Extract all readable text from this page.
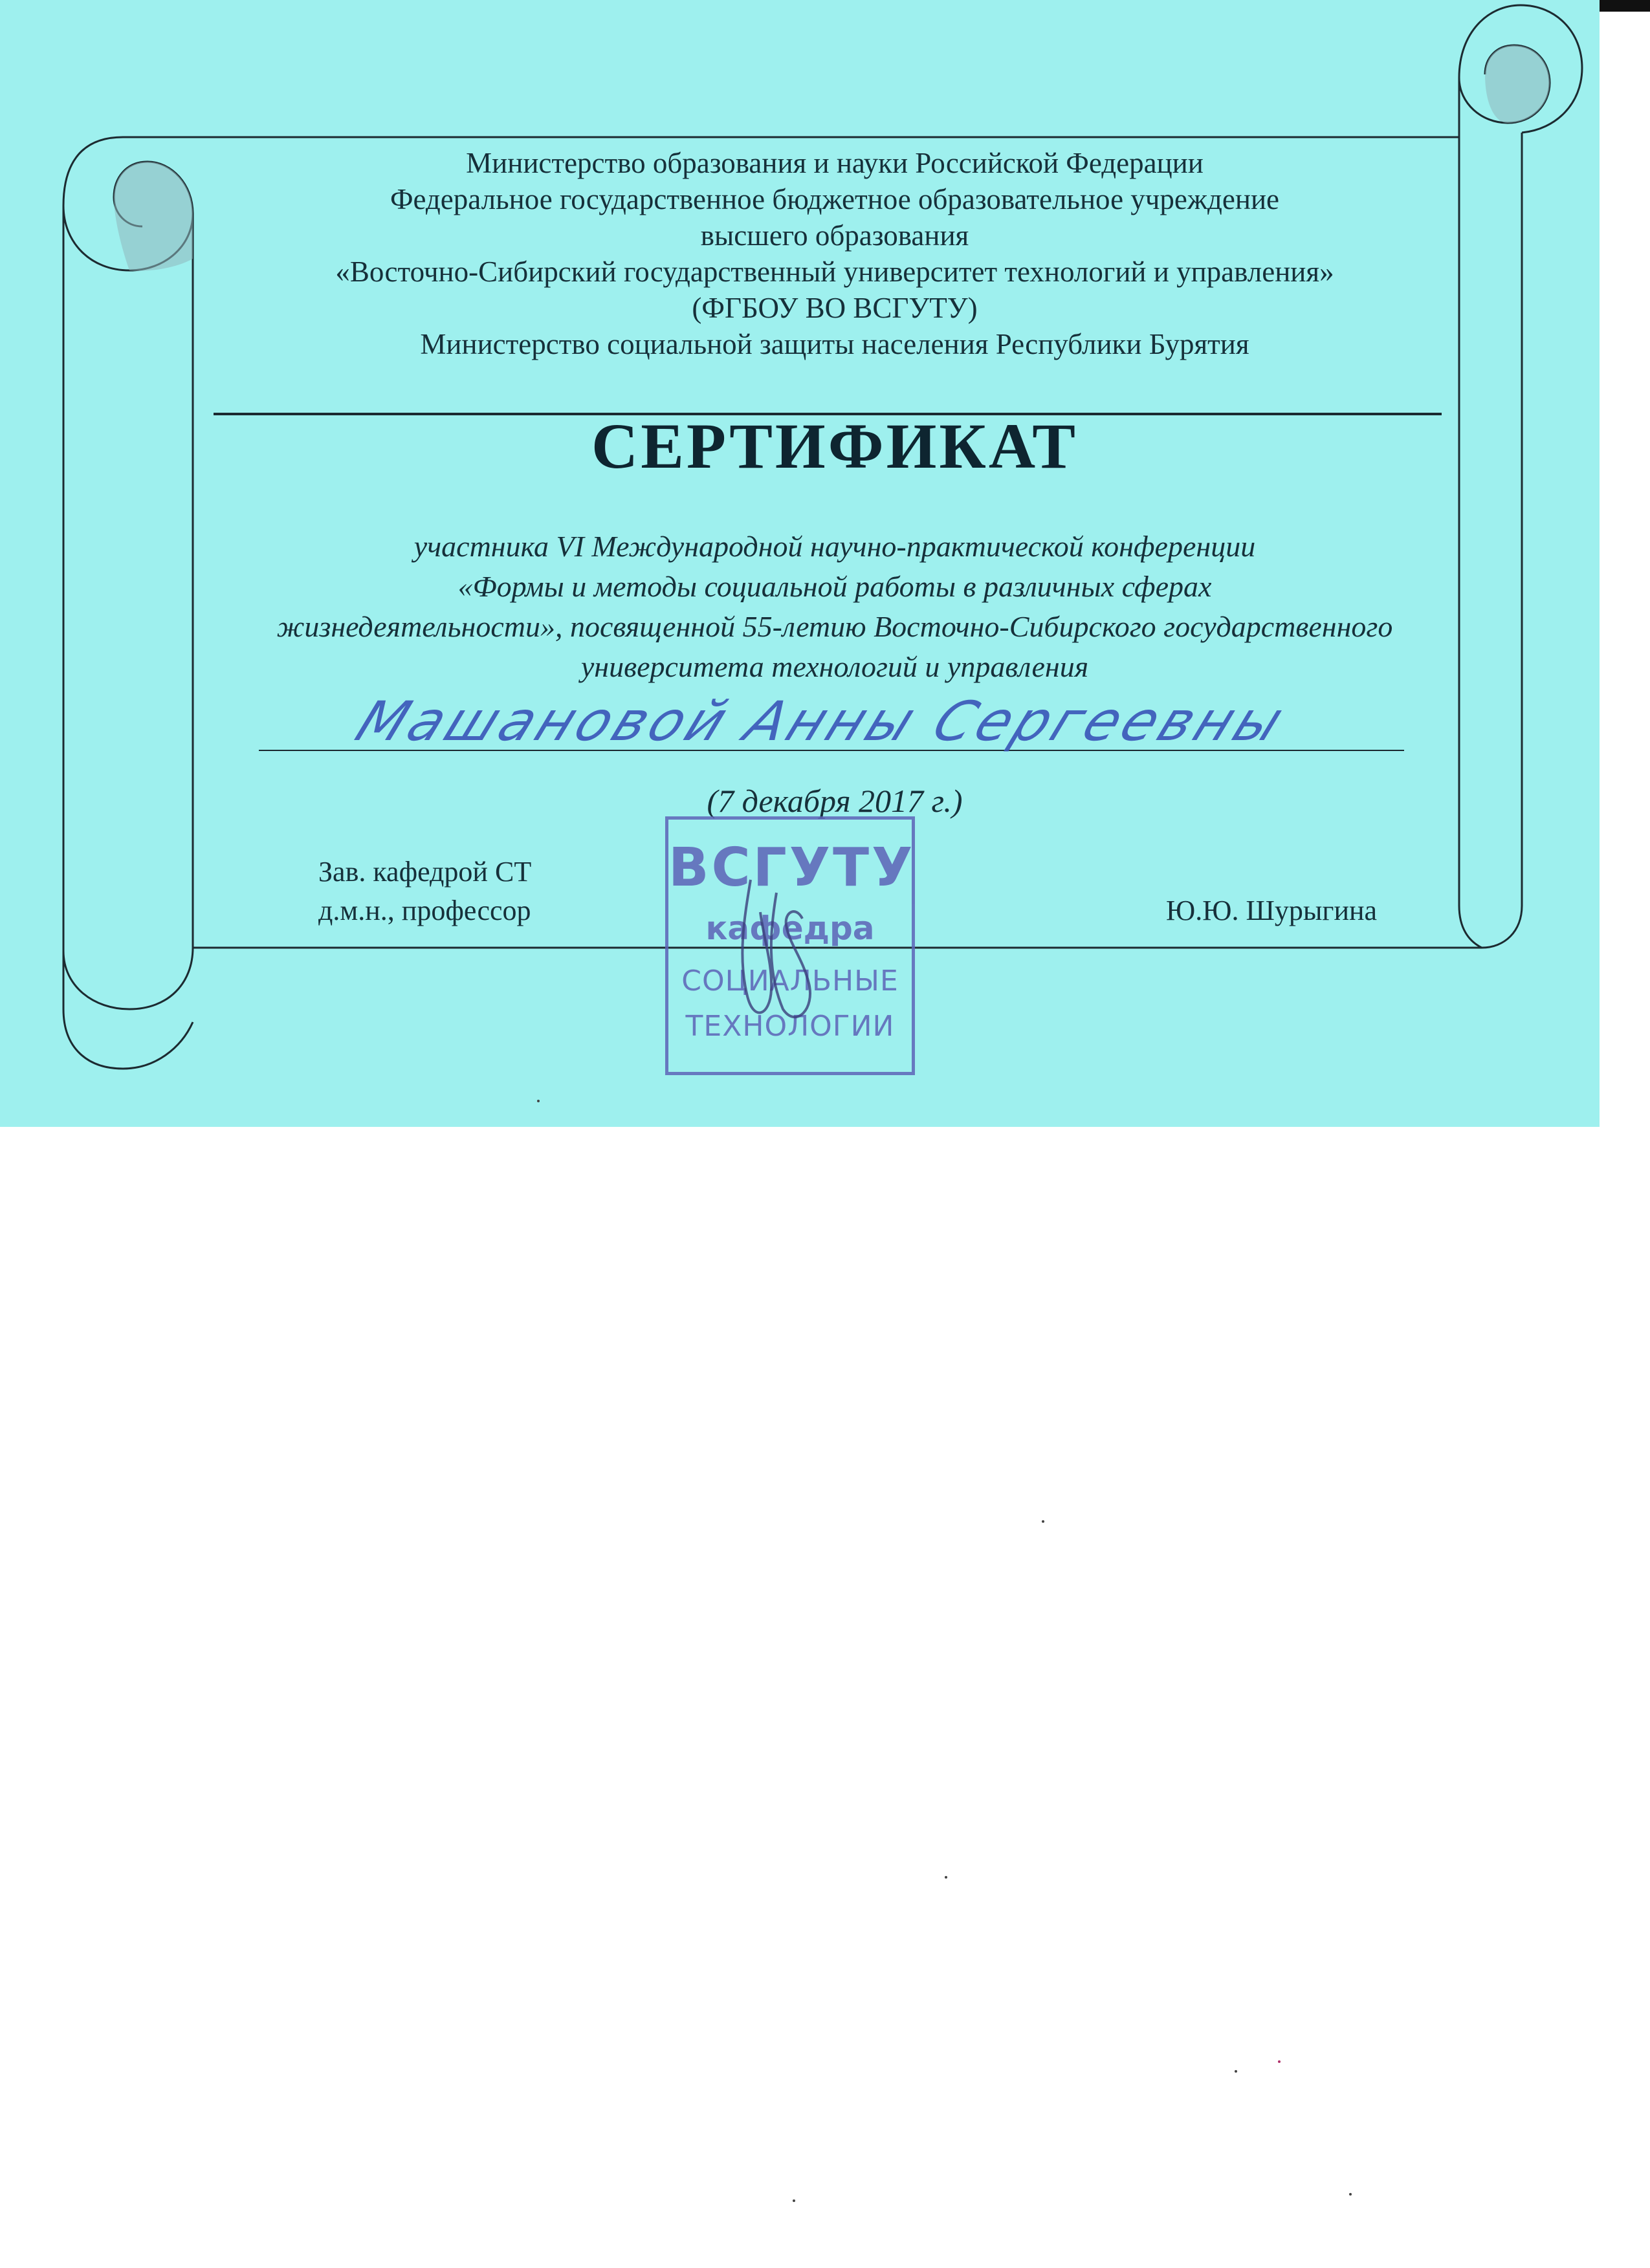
Министерство образования и науки Российской Федерации
Федеральное государственное бюджетное образовательное учреждение
высшего образования
«Восточно-Сибирский государственный университет технологий и управления»
(ФГБОУ ВО ВСГУТУ)
Министерство социальной защиты населения Республики Бурятия
СЕРТИФИКАТ
участника VI Международной научно-практической конференции
«Формы и методы социальной работы в различных сферах
жизнедеятельности», посвященной 55-летию Восточно-Сибирского государственного
университета технологий и управления
Машановой Анны Сергеевны
(7 декабря 2017 г.)
Зав. кафедрой СТ
д.м.н., профессор	Ю.Ю. Шурыгина
ВСГУТУ
кафедра
СОЦИАЛЬНЫЕ
ТЕХНОЛОГИИ
